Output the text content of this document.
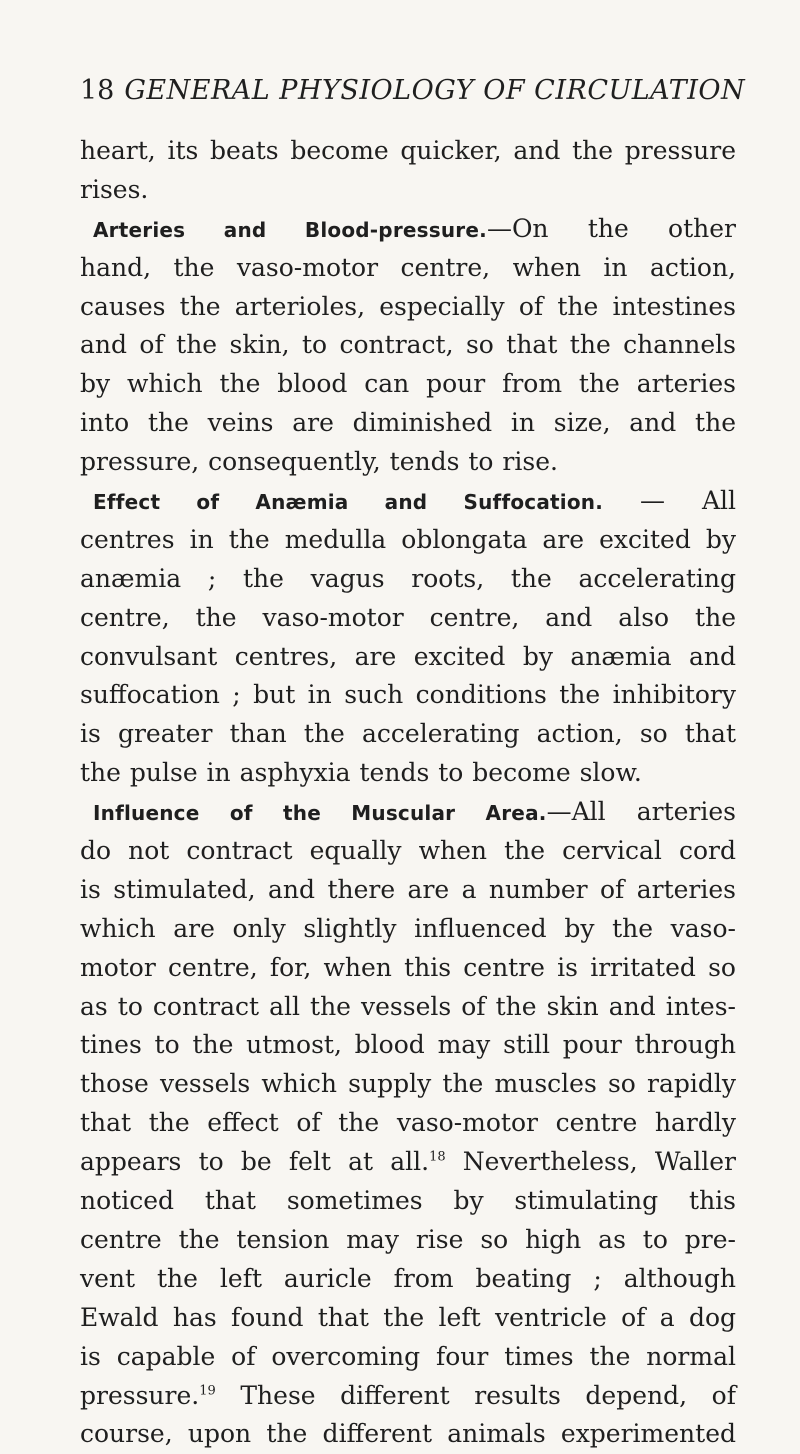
18 GENERAL PHYSIOLOGY OF CIRCULATION
heart, its beats become quicker, and the pressure
rises.
Arteries and Blood-pressure.—On the other
hand, the vaso-motor centre, when in action,
causes the arterioles, especially of the intestines
and of the skin, to contract, so that the channels
by which the blood can pour from the arteries
into the veins are diminished in size, and the
pressure, consequently, tends to rise.
Effect of Anæmia and Suffocation. — All
centres in the medulla oblongata are excited by
anæmia ; the vagus roots, the accelerating
centre, the vaso-motor centre, and also the
convulsant centres, are excited by anæmia and
suffocation ; but in such conditions the inhibitory
is greater than the accelerating action, so that
the pulse in asphyxia tends to become slow.
Influence of the Muscular Area.—All arteries
do not contract equally when the cervical cord
is stimulated, and there are a number of arteries
which are only slightly influenced by the vaso-
motor centre, for, when this centre is irritated so
as to contract all the vessels of the skin and intes-
tines to the utmost, blood may still pour through
those vessels which supply the muscles so rapidly
that the effect of the vaso-motor centre hardly
appears to be felt at all.$^{18}$ Nevertheless, Waller
noticed that sometimes by stimulating this
centre the tension may rise so high as to pre-
vent the left auricle from beating ; although
Ewald has found that the left ventricle of a dog
is capable of overcoming four times the normal
pressure.$^{19}$ These different results depend, of
course, upon the different animals experimented
